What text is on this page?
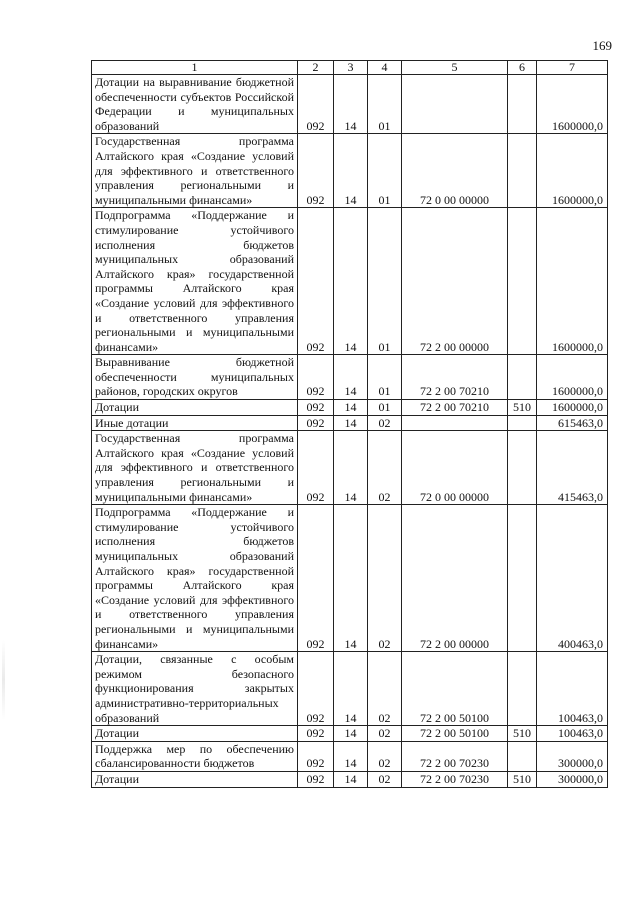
169
1	2	3	4	5	6	7
Дотации на выравнивание бюджетной обеспеченности субъектов Российской Федерации и муниципальных образований	092	14	01			1600000,0
Государственная программа Алтайского края «Создание условий для эффективного и ответственного управления региональными и муниципальными финансами»	092	14	01	72 0 00 00000		1600000,0
Подпрограмма «Поддержание и стимулирование устойчивого исполнения бюджетов муниципальных образований Алтайского края» государственной программы Алтайского края «Создание условий для эффективного и ответственного управления региональными и муниципальными финансами»	092	14	01	72 2 00 00000		1600000,0
Выравнивание бюджетной обеспеченности муниципальных районов, городских округов	092	14	01	72 2 00 70210		1600000,0
Дотации	092	14	01	72 2 00 70210	510	1600000,0
Иные дотации	092	14	02			615463,0
Государственная программа Алтайского края «Создание условий для эффективного и ответственного управления региональными и муниципальными финансами»	092	14	02	72 0 00 00000		415463,0
Подпрограмма «Поддержание и стимулирование устойчивого исполнения бюджетов муниципальных образований Алтайского края» государственной программы Алтайского края «Создание условий для эффективного и ответственного управления региональными и муниципальными финансами»	092	14	02	72 2 00 00000		400463,0
Дотации, связанные с особым режимом безопасного функционирования закрытых административно-территориальных образований	092	14	02	72 2 00 50100		100463,0
Дотации	092	14	02	72 2 00 50100	510	100463,0
Поддержка мер по обеспечению сбалансированности бюджетов	092	14	02	72 2 00 70230		300000,0
Дотации	092	14	02	72 2 00 70230	510	300000,0
